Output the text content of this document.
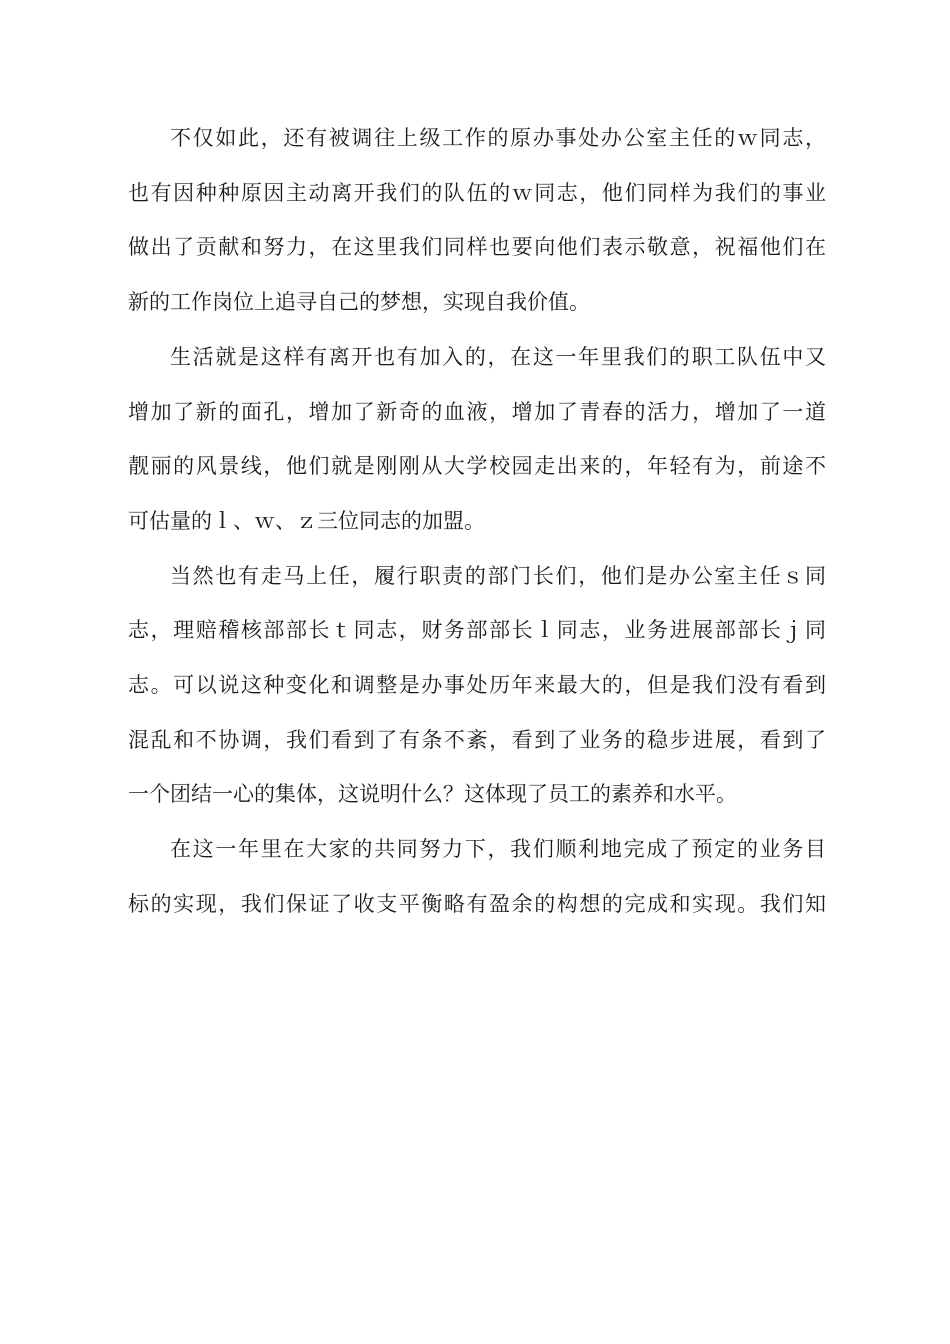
不仅如此，还有被调往上级工作的原办事处办公室主任的ｗ同志，
也有因种种原因主动离开我们的队伍的ｗ同志，他们同样为我们的事业
做出了贡献和努力，在这里我们同样也要向他们表示敬意，祝福他们在
新的工作岗位上追寻自己的梦想，实现自我价值。
生活就是这样有离开也有加入的，在这一年里我们的职工队伍中又
增加了新的面孔，增加了新奇的血液，增加了青春的活力，增加了一道
靓丽的风景线，他们就是刚刚从大学校园走出来的，年轻有为，前途不
可估量的ｌ、ｗ、ｚ三位同志的加盟。
当然也有走马上任，履行职责的部门长们，他们是办公室主任ｓ同
志，理赔稽核部部长ｔ同志，财务部部长ｌ同志，业务进展部部长ｊ同
志。可以说这种变化和调整是办事处历年来最大的，但是我们没有看到
混乱和不协调，我们看到了有条不紊，看到了业务的稳步进展，看到了
一个团结一心的集体，这说明什么？这体现了员工的素养和水平。
在这一年里在大家的共同努力下，我们顺利地完成了预定的业务目
标的实现，我们保证了收支平衡略有盈余的构想的完成和实现。我们知
